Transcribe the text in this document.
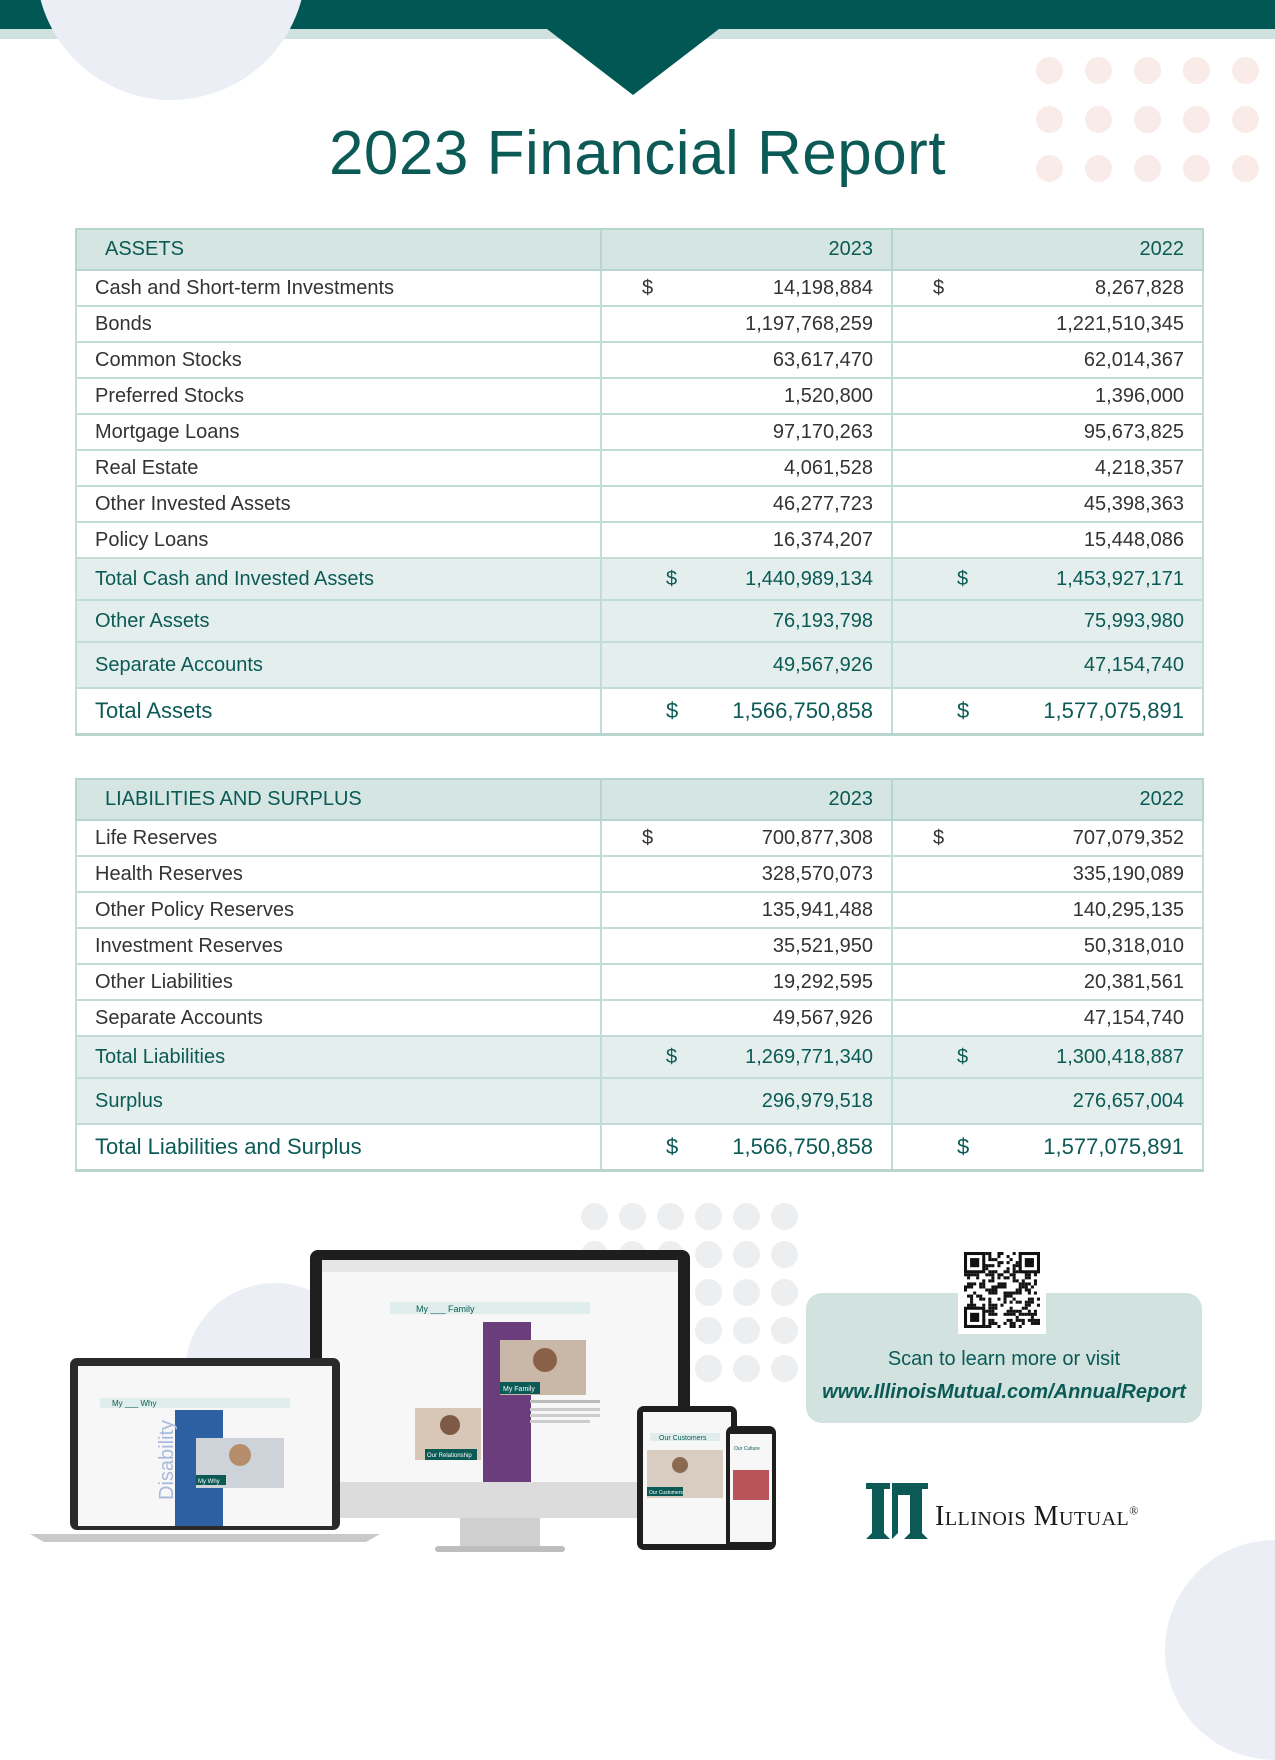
2023 Financial Report
ASSETS	2023	2022
Cash and Short-term Investments	$ 14,198,884	$ 8,267,828

Bonds	1,197,768,259	1,221,510,345

Common Stocks	63,617,470	62,014,367

Preferred Stocks	1,520,800	1,396,000

Mortgage Loans	97,170,263	95,673,825

Real Estate	4,061,528	4,218,357

Other Invested Assets	46,277,723	45,398,363

Policy Loans	16,374,207	15,448,086

Total Cash and Invested Assets	$ 1,440,989,134	$ 1,453,927,171

Other Assets	76,193,798	75,993,980

Separate Accounts	49,567,926	47,154,740

Total Assets	$ 1,566,750,858	$ 1,577,075,891
LIABILITIES AND SURPLUS	2023	2022
Life Reserves	$ 700,877,308	$ 707,079,352

Health Reserves	328,570,073	335,190,089

Other Policy Reserves	135,941,488	140,295,135

Investment Reserves	35,521,950	50,318,010

Other Liabilities	19,292,595	20,381,561

Separate Accounts	49,567,926	47,154,740

Total Liabilities	$ 1,269,771,340	$ 1,300,418,887

Surplus	296,979,518	276,657,004

Total Liabilities and Surplus	$ 1,566,750,858	$ 1,577,075,891
My ___ Family
My Family
Our Relationship
My ___ Why
Disability	My Why
Our Customers
Our Customers
Our Culture
Scan to learn more or visit
www.IllinoisMutual.com/AnnualReport
Illinois Mutual®
